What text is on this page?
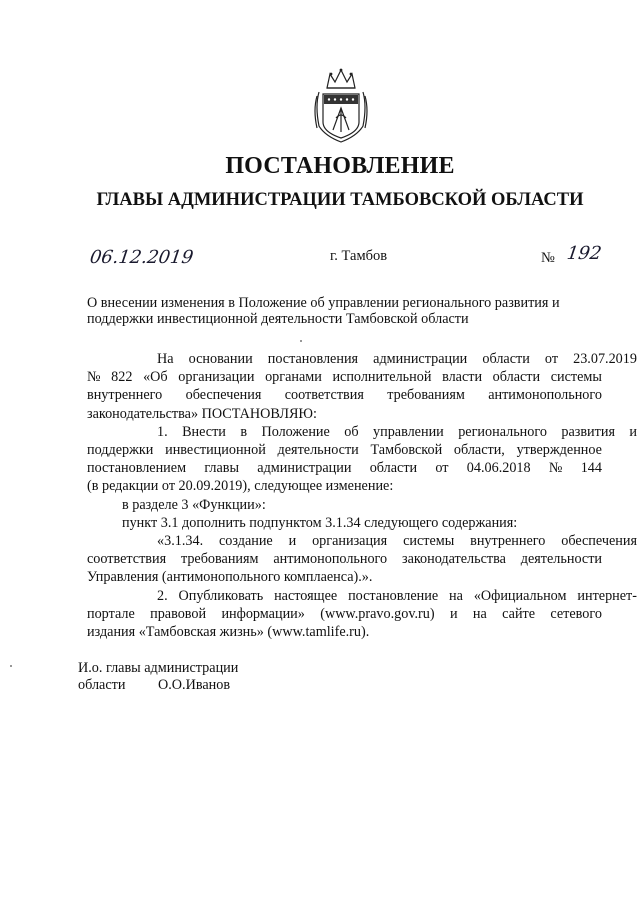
ПОСТАНОВЛЕНИЕ
ГЛАВЫ АДМИНИСТРАЦИИ ТАМБОВСКОЙ ОБЛАСТИ
06.12.2019	г. Тамбов	№ 192
О внесении изменения в Положение об управлении регионального развития и
поддержки инвестиционной деятельности Тамбовской области
На основании постановления администрации области от 23.07.2019
№ 822 «Об организации органами исполнительной власти области системы
внутреннего обеспечения соответствия требованиям антимонопольного
законодательства» ПОСТАНОВЛЯЮ:
1. Внести в Положение об управлении регионального развития и
поддержки инвестиционной деятельности Тамбовской области, утвержденное
постановлением главы администрации области от 04.06.2018 № 144
(в редакции от 20.09.2019), следующее изменение:
в разделе 3 «Функции»:
пункт 3.1 дополнить подпунктом 3.1.34 следующего содержания:
«3.1.34. создание и организация системы внутреннего обеспечения
соответствия требованиям антимонопольного законодательства деятельности
Управления (антимонопольного комплаенса).».
2. Опубликовать настоящее постановление на «Официальном интернет-
портале правовой информации» (www.pravo.gov.ru) и на сайте сетевого
издания «Тамбовская жизнь» (www.tamlife.ru).
И.о. главы администрации
области	О.О.Иванов
